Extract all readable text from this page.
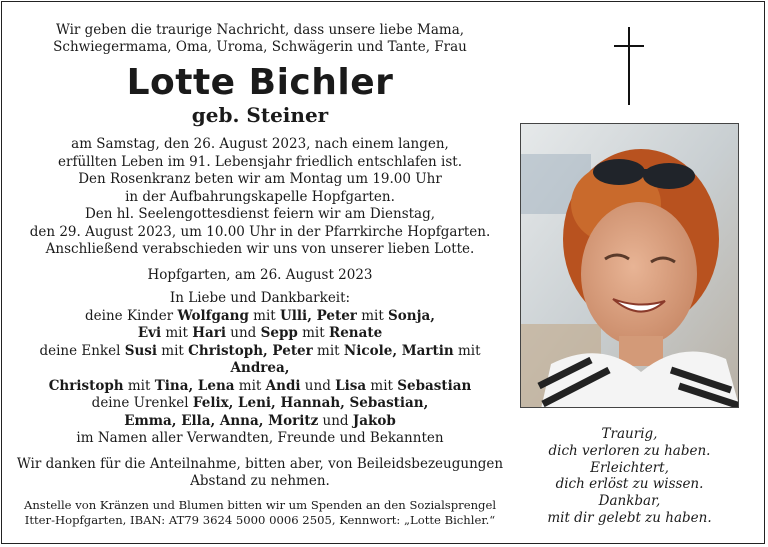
Wir geben die traurige Nachricht, dass unsere liebe Mama,
Schwiegermama, Oma, Uroma, Schwägerin und Tante, Frau
Lotte Bichler
geb. Steiner

am Samstag, den 26. August 2023, nach einem langen,

erfüllten Leben im 91. Lebensjahr friedlich entschlafen ist.

Den Rosenkranz beten wir am Montag um 19.00 Uhr

in der Aufbahrungskapelle Hopfgarten.

Den hl. Seelengottesdienst feiern wir am Dienstag,

den 29. August 2023, um 10.00 Uhr in der Pfarrkirche Hopfgarten.

Anschließend verabschieden wir uns von unserer lieben Lotte.

Hopfgarten, am 26. August 2023

In Liebe und Dankbarkeit:

deine Kinder Wolfgang mit Ulli, Peter mit Sonja,

Evi mit Hari und Sepp mit Renate

deine Enkel Susi mit Christoph, Peter mit Nicole, Martin mit Andrea,

Christoph mit Tina, Lena mit Andi und Lisa mit Sebastian

deine Urenkel Felix, Leni, Hannah, Sebastian,

Emma, Ella, Anna, Moritz und Jakob

im Namen aller Verwandten, Freunde und Bekannten

Wir danken für die Anteilnahme, bitten aber, von Beileidsbezeugungen
Abstand zu nehmen.
Anstelle von Kränzen und Blumen bitten wir um Spenden an den Sozialsprengel
Itter-Hopfgarten, IBAN: AT79 3624 5000 0006 2505, Kennwort: „Lotte Bichler.“

Traurig,

dich verloren zu haben.

Erleichtert,

dich erlöst zu wissen.

Dankbar,

mit dir gelebt zu haben.
